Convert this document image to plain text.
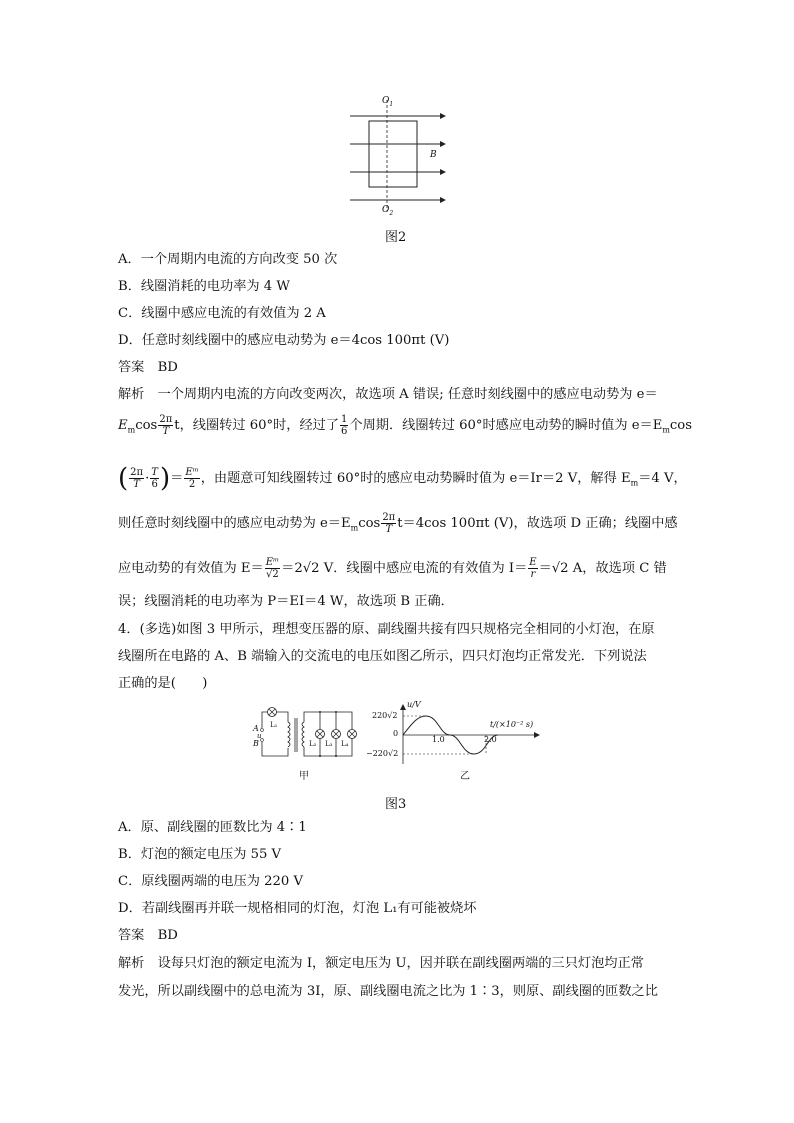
$O_1$
$O_2$
B
图2
A．一个周期内电流的方向改变 50 次
B．线圈消耗的电功率为 4 W
C．线圈中感应电流的有效值为 2 A
D．任意时刻线圈中的感应电动势为 e＝4cos 100πt (V)
答案　 BD
解析　 一个周期内电流的方向改变两次，故选项 A 错误; 任意时刻线圈中的感应电动势为 e＝
$E_m\cos \frac{2\pi}{T}$ t，线圈转过 60°时，经过了 $\frac{1}{6}$ 个周期．线圈转过 60°时感应电动势的瞬时值为 $e=E_m\cos$
( $\frac{2\pi}{T} \cdot \frac{T}{6}$ )＝ $\frac{\text{Eᵐ}}{2}$ ，由题意可知线圈转过 60°时的感应电动势瞬时值为 e＝Ir＝2 V，解得 $E_m=4$ V，
则任意时刻线圈中的感应电动势为 $e=E_m\cos \frac{2\pi}{T} t=4\cos$ 100πt (V)，故选项 D 正确；线圈中感
应电动势的有效值为 $E= \frac{\text{Eᵐ}}{√2} =2√2$ V．线圈中感应电流的有效值为 $I= \frac{E}{r} =√2$ A，故选项 C 错
误；线圈消耗的电功率为 P＝EI＝4 W，故选项 B 正确．
4．(多选)如图 3 甲所示，理想变压器的原、副线圈共接有四只规格完全相同的小灯泡，在原
线圈所在电路的 A、B 端输入的交流电的电压如图乙所示，四只灯泡均正常发光．下列说法
正确的是(　　)
A
u
B
L₁
L₂ L₃ L₄
甲
u/V
t/(×10⁻² s)
220√2
0
−220√2
1.0	2.0
乙
图3
A．原、副线圈的匝数比为 4∶1
B．灯泡的额定电压为 55 V
C．原线圈两端的电压为 220 V
D．若副线圈再并联一规格相同的灯泡，灯泡 L₁有可能被烧坏
答案　 BD
解析　 设每只灯泡的额定电流为 I，额定电压为 U，因并联在副线圈两端的三只灯泡均正常
发光，所以副线圈中的总电流为 3I，原、副线圈电流之比为 1∶3，则原、副线圈的匝数之比
